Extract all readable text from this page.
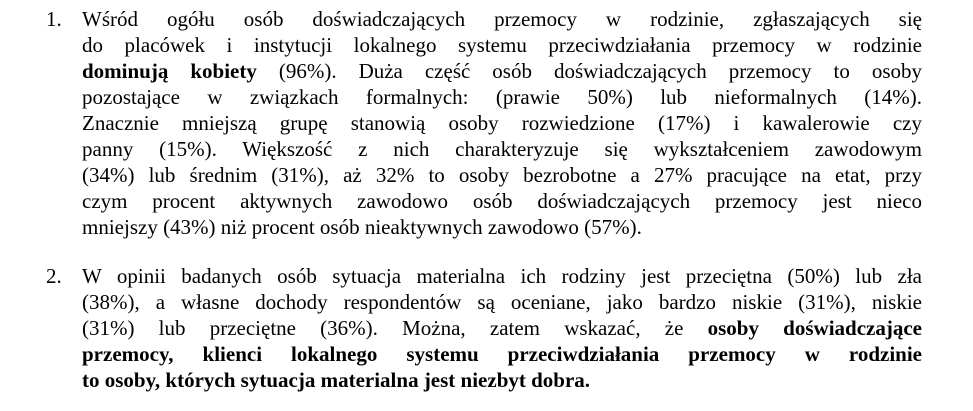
1. Wśród ogółu osób doświadczających przemocy w rodzinie, zgłaszających się
do placówek i instytucji lokalnego systemu przeciwdziałania przemocy w rodzinie
dominują kobiety (96%). Duża część osób doświadczających przemocy to osoby
pozostające w związkach formalnych: (prawie 50%) lub nieformalnych (14%).
Znacznie mniejszą grupę stanowią osoby rozwiedzione (17%) i kawalerowie czy
panny (15%). Większość z nich charakteryzuje się wykształceniem zawodowym
(34%) lub średnim (31%), aż 32% to osoby bezrobotne a 27% pracujące na etat, przy
czym procent aktywnych zawodowo osób doświadczających przemocy jest nieco
mniejszy (43%) niż procent osób nieaktywnych zawodowo (57%).
2. W opinii badanych osób sytuacja materialna ich rodziny jest przeciętna (50%) lub zła
(38%), a własne dochody respondentów są oceniane, jako bardzo niskie (31%), niskie
(31%) lub przeciętne (36%). Można, zatem wskazać, że osoby doświadczające
przemocy, klienci lokalnego systemu przeciwdziałania przemocy w rodzinie
to osoby, których sytuacja materialna jest niezbyt dobra.
